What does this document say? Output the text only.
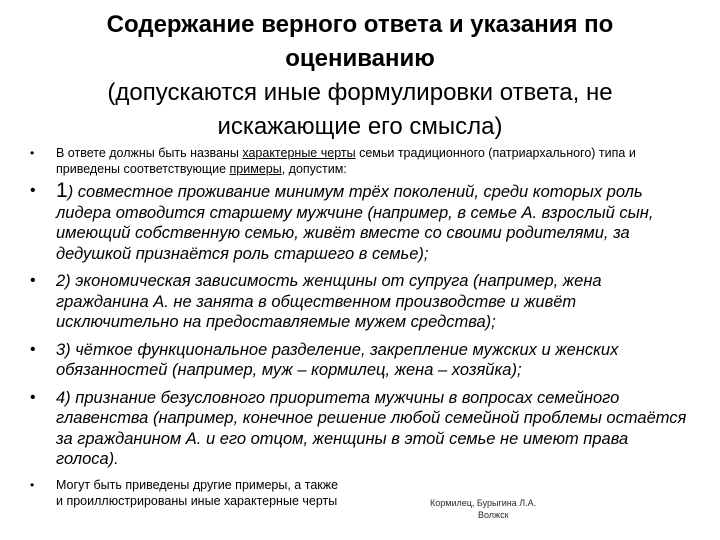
Содержание верного ответа и указания по
оцениванию
(допускаются иные формулировки ответа, не
искажающие его смысла)
• В ответе должны быть названы характерные черты семьи традиционного (патриархального) типа и приведены соответствующие примеры, допустим:
• 1) совместное проживание минимум трёх поколений, среди которых роль лидера отводится старшему мужчине (например, в семье А. взрослый сын, имеющий собственную семью, живёт вместе со своими родителями, за дедушкой признаётся роль старшего в семье);
• 2) экономическая зависимость женщины от супруга (например, жена гражданина А. не занята в общественном производстве и живёт исключительно на предоставляемые мужем средства);
• 3) чёткое функциональное разделение, закрепление мужских и женских обязанностей (например, муж – кормилец, жена – хозяйка);
• 4) признание безусловного приоритета мужчины в вопросах семейного главенства (например, конечное решение любой семейной проблемы остаётся за гражданином А. и его отцом, женщины в этой семье не имеют права голоса).
• Могут быть приведены другие примеры, а также
и проиллюстрированы иные характерные черты	Кормилец, Бурыгина Л.А.
Волжск
